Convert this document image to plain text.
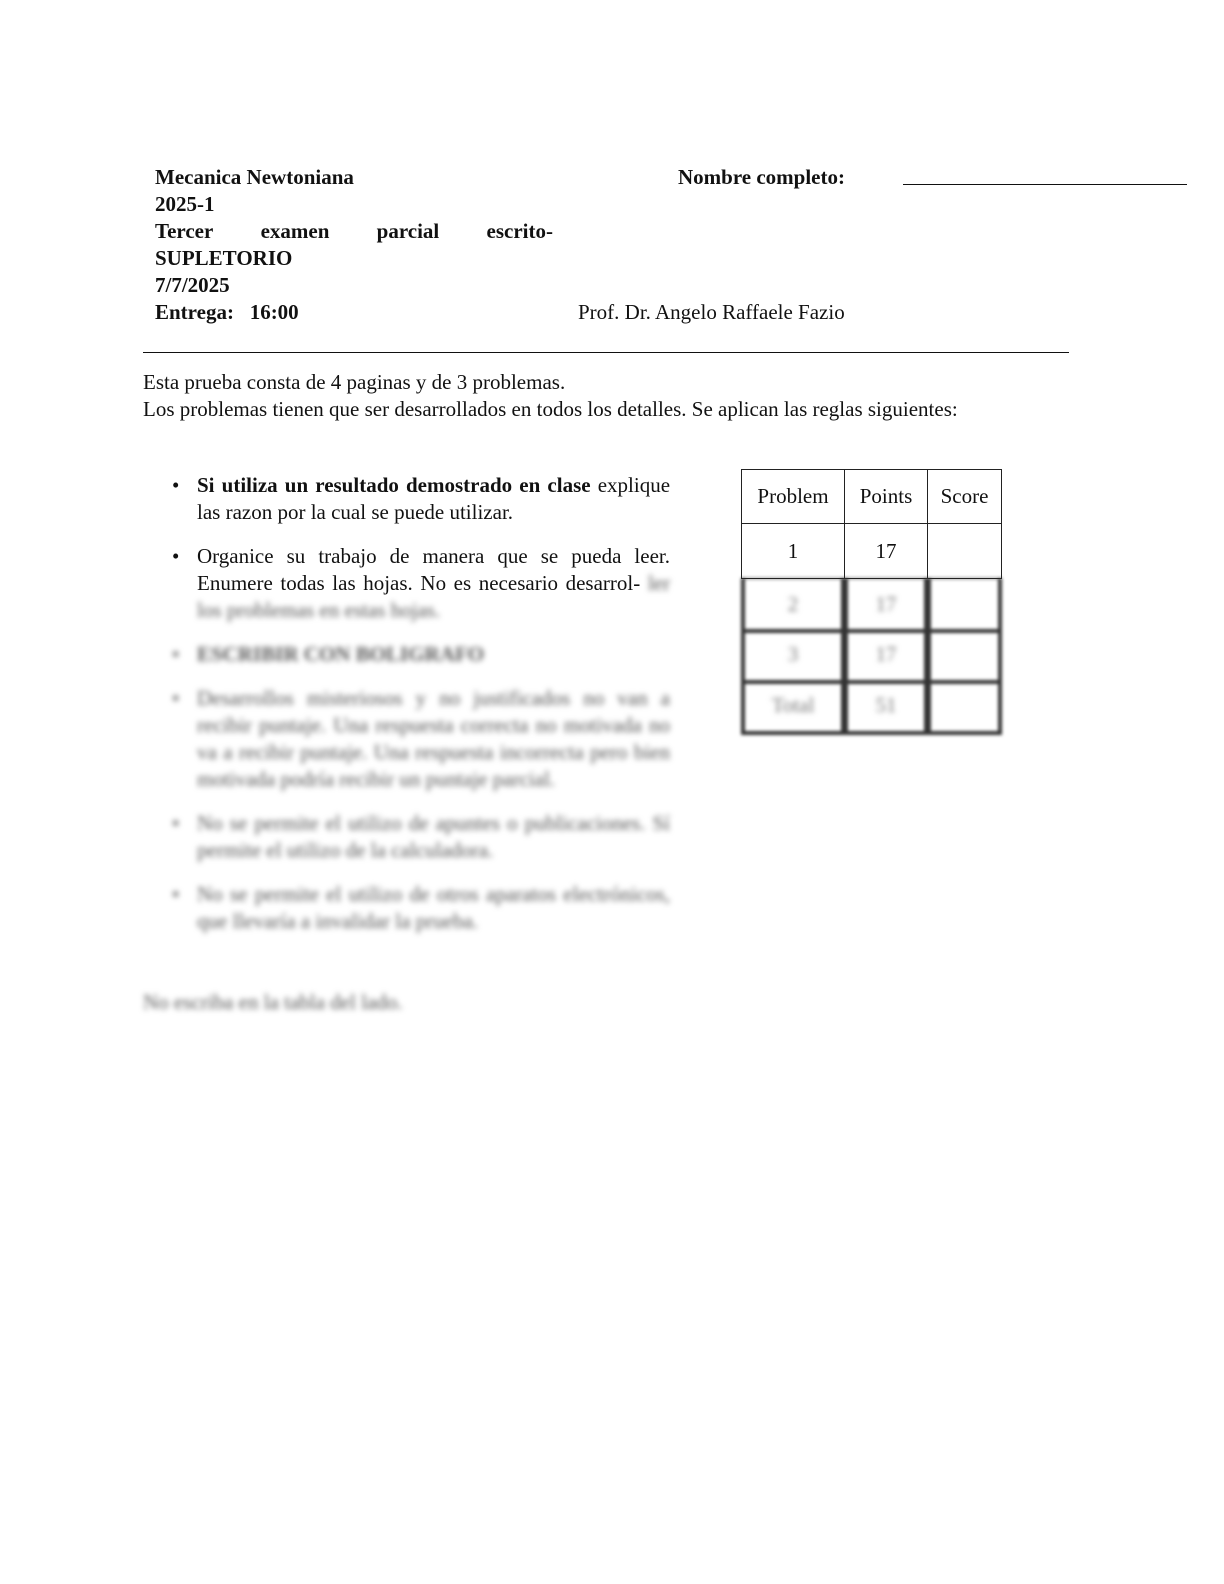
Mecanica Newtoniana
2025-1
Tercer examen parcial escrito-
SUPLETORIO
7/7/2025
Entrega: 16:00
Nombre completo:
Prof. Dr. Angelo Raffaele Fazio
Esta prueba consta de 4 paginas y de 3 problemas.
Los problemas tienen que ser desarrollados en todos los detalles. Se aplican las reglas siguientes:
• Si utiliza un resultado demostrado en clase explique las razon por la cual se puede utilizar.
• Organice su trabajo de manera que se pueda leer. Enumere todas las hojas. No es necesario desarrol- ler los problemas en estas hojas.
• ESCRIBIR CON BOLIGRAFO
• Desarrollos misteriosos y no justificados no van a recibir puntaje. Una respuesta correcta no motivada no va a recibir puntaje. Una respuesta incorrecta pero bien motivada podría recibir un puntaje parcial.
• No se permite el utilizo de apuntes o publicaciones. Sí permite el utilizo de la calculadora.
• No se permite el utilizo de otros aparatos electrónicos, que llevaría a invalidar la prueba.
No escriba en la tabla del lado.
Problem	Points	Score
1	17
2	17
3	17
Total	51
